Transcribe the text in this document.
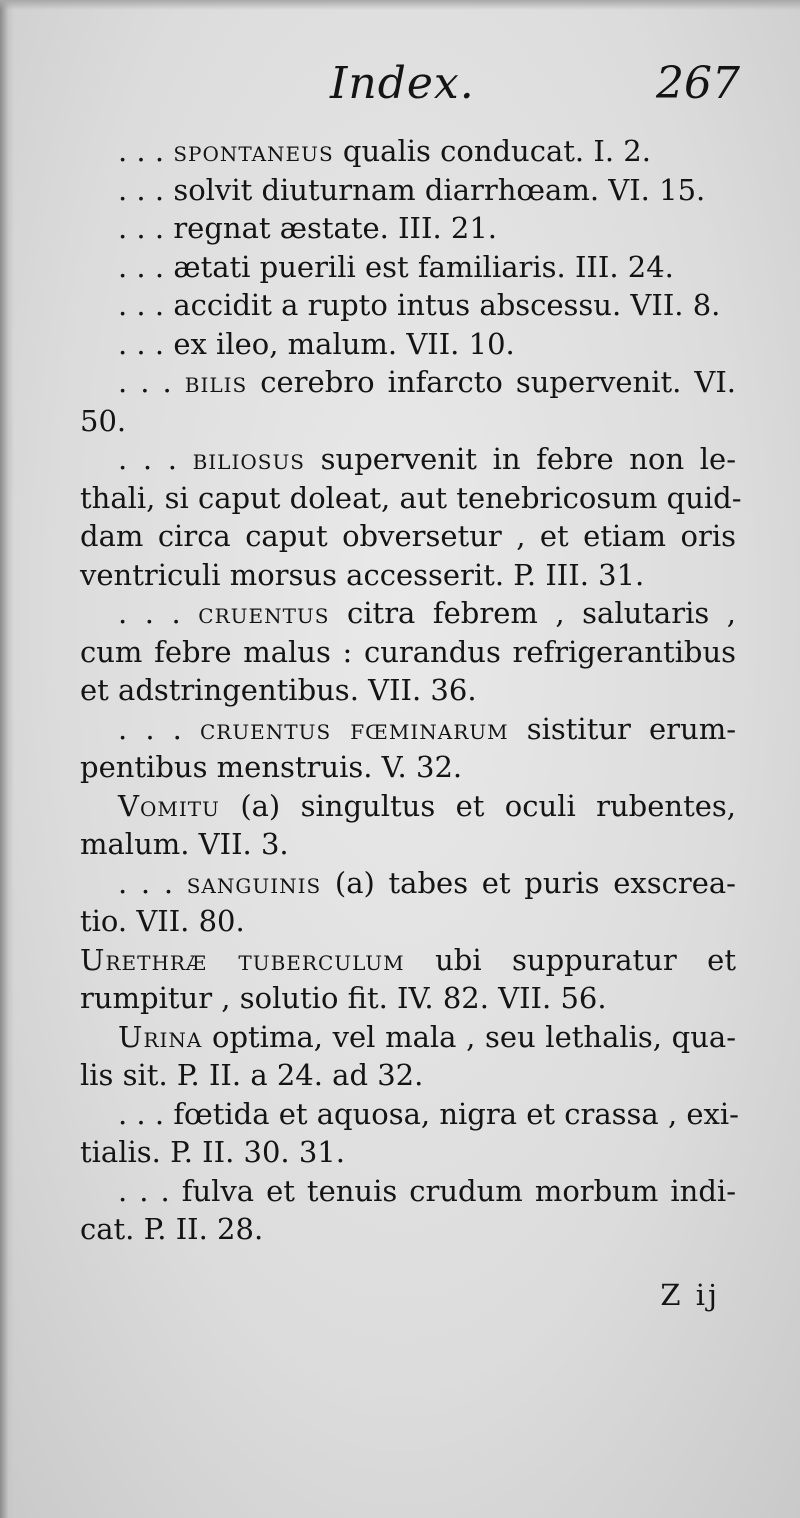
Index.	267
. . . spontaneus qualis conducat. I. 2.
. . . solvit diuturnam diarrhœam. VI. 15.
. . . regnat æstate. III. 21.
. . . ætati puerili est familiaris. III. 24.
. . . accidit a rupto intus abscessu. VII. 8.
. . . ex ileo, malum. VII. 10.
. . . bilis cerebro infarcto supervenit. VI.
50.
. . . biliosus supervenit in febre non le-
thali, si caput doleat, aut tenebricosum quid-
dam circa caput obversetur , et etiam oris
ventriculi morsus accesserit. P. III. 31.
. . . cruentus citra febrem , salutaris ,
cum febre malus : curandus refrigerantibus
et adstringentibus. VII. 36.
. . . cruentus fœminarum sistitur erum-
pentibus menstruis. V. 32.
Vomitu (a) singultus et oculi rubentes,
malum. VII. 3.
. . . sanguinis (a) tabes et puris exscrea-
tio. VII. 80.
Urethræ tuberculum ubi suppuratur et
rumpitur , solutio fit. IV. 82. VII. 56.
Urina optima, vel mala , seu lethalis, qua-
lis sit. P. II. a 24. ad 32.
. . . fœtida et aquosa, nigra et crassa , exi-
tialis. P. II. 30. 31.
. . . fulva et tenuis crudum morbum indi-
cat. P. II. 28.
Z ij
